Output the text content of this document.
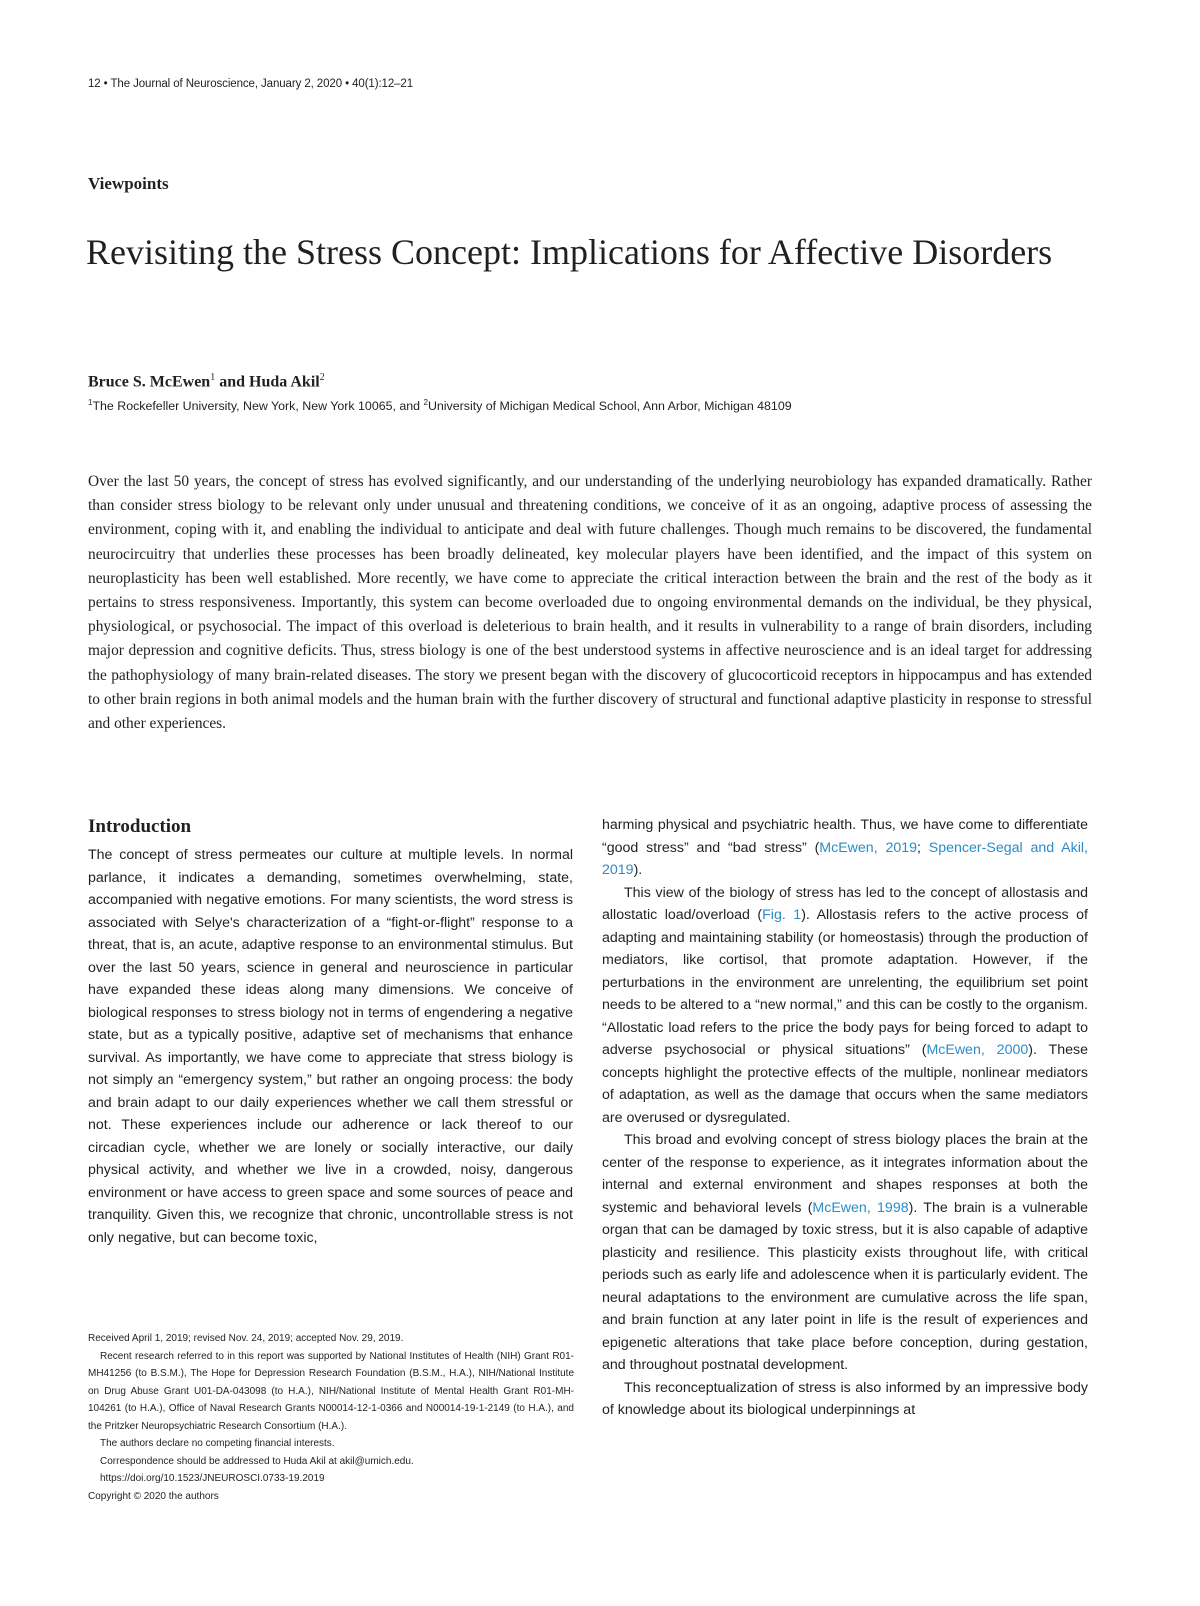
12 • The Journal of Neuroscience, January 2, 2020 • 40(1):12–21
Viewpoints
Revisiting the Stress Concept: Implications for Affective Disorders
Bruce S. McEwen$^1$ and Huda Akil$^2$
$^1$The Rockefeller University, New York, New York 10065, and $^2$University of Michigan Medical School, Ann Arbor, Michigan 48109

Over the last 50 years, the concept of stress has evolved significantly, and our understanding of the underlying neurobiology has expanded dramatically. Rather than consider stress biology to be relevant only under unusual and threatening conditions, we conceive of it as an ongoing, adaptive process of assessing the environment, coping with it, and enabling the individual to anticipate and deal with future challenges. Though much remains to be discovered, the fundamental neurocircuitry that underlies these processes has been broadly delineated, key molecular players have been identified, and the impact of this system on neuroplasticity has been well established. More recently, we have come to appreciate the critical interaction between the brain and the rest of the body as it pertains to stress responsiveness. Importantly, this system can become overloaded due to ongoing environmental demands on the individual, be they physical, physiological, or psychosocial. The impact of this overload is deleterious to brain health, and it results in vulnerability to a range of brain disorders, including major depression and cognitive deficits. Thus, stress biology is one of the best understood systems in affective neuroscience and is an ideal target for addressing the pathophysiology of many brain-related diseases. The story we present began with the discovery of glucocorticoid receptors in hippocampus and has extended to other brain regions in both animal models and the human brain with the further discovery of structural and functional adaptive plasticity in response to stressful and other experiences.

Introduction

The concept of stress permeates our culture at multiple levels. In normal parlance, it indicates a demanding, sometimes overwhelming, state, accompanied with negative emotions. For many scientists, the word stress is associated with Selye's characterization of a “fight-or-flight” response to a threat, that is, an acute, adaptive response to an environmental stimulus. But over the last 50 years, science in general and neuroscience in particular have expanded these ideas along many dimensions. We conceive of biological responses to stress biology not in terms of engendering a negative state, but as a typically positive, adaptive set of mechanisms that enhance survival. As importantly, we have come to appreciate that stress biology is not simply an “emergency system,” but rather an ongoing process: the body and brain adapt to our daily experiences whether we call them stressful or not. These experiences include our adherence or lack thereof to our circadian cycle, whether we are lonely or socially interactive, our daily physical activity, and whether we live in a crowded, noisy, dangerous environment or have access to green space and some sources of peace and tranquility. Given this, we recognize that chronic, uncontrollable stress is not only negative, but can become toxic,

harming physical and psychiatric health. Thus, we have come to differentiate “good stress” and “bad stress” (McEwen, 2019; Spencer-Segal and Akil, 2019).

This view of the biology of stress has led to the concept of allostasis and allostatic load/overload (Fig. 1). Allostasis refers to the active process of adapting and maintaining stability (or homeostasis) through the production of mediators, like cortisol, that promote adaptation. However, if the perturbations in the environment are unrelenting, the equilibrium set point needs to be altered to a “new normal,” and this can be costly to the organism. “Allostatic load refers to the price the body pays for being forced to adapt to adverse psychosocial or physical situations” (McEwen, 2000). These concepts highlight the protective effects of the multiple, nonlinear mediators of adaptation, as well as the damage that occurs when the same mediators are overused or dysregulated.

This broad and evolving concept of stress biology places the brain at the center of the response to experience, as it integrates information about the internal and external environment and shapes responses at both the systemic and behavioral levels (McEwen, 1998). The brain is a vulnerable organ that can be damaged by toxic stress, but it is also capable of adaptive plasticity and resilience. This plasticity exists throughout life, with critical periods such as early life and adolescence when it is particularly evident. The neural adaptations to the environment are cumulative across the life span, and brain function at any later point in life is the result of experiences and epigenetic alterations that take place before conception, during gestation, and throughout postnatal development.

This reconceptualization of stress is also informed by an impressive body of knowledge about its biological underpinnings at

Received April 1, 2019; revised Nov. 24, 2019; accepted Nov. 29, 2019.

Recent research referred to in this report was supported by National Institutes of Health (NIH) Grant R01-MH41256 (to B.S.M.), The Hope for Depression Research Foundation (B.S.M., H.A.), NIH/National Institute on Drug Abuse Grant U01-DA-043098 (to H.A.), NIH/National Institute of Mental Health Grant R01-MH-104261 (to H.A.), Office of Naval Research Grants N00014-12-1-0366 and N00014-19-1-2149 (to H.A.), and the Pritzker Neuropsychiatric Research Consortium (H.A.).

The authors declare no competing financial interests.

Correspondence should be addressed to Huda Akil at akil@umich.edu.

https://doi.org/10.1523/JNEUROSCI.0733-19.2019

Copyright © 2020 the authors
